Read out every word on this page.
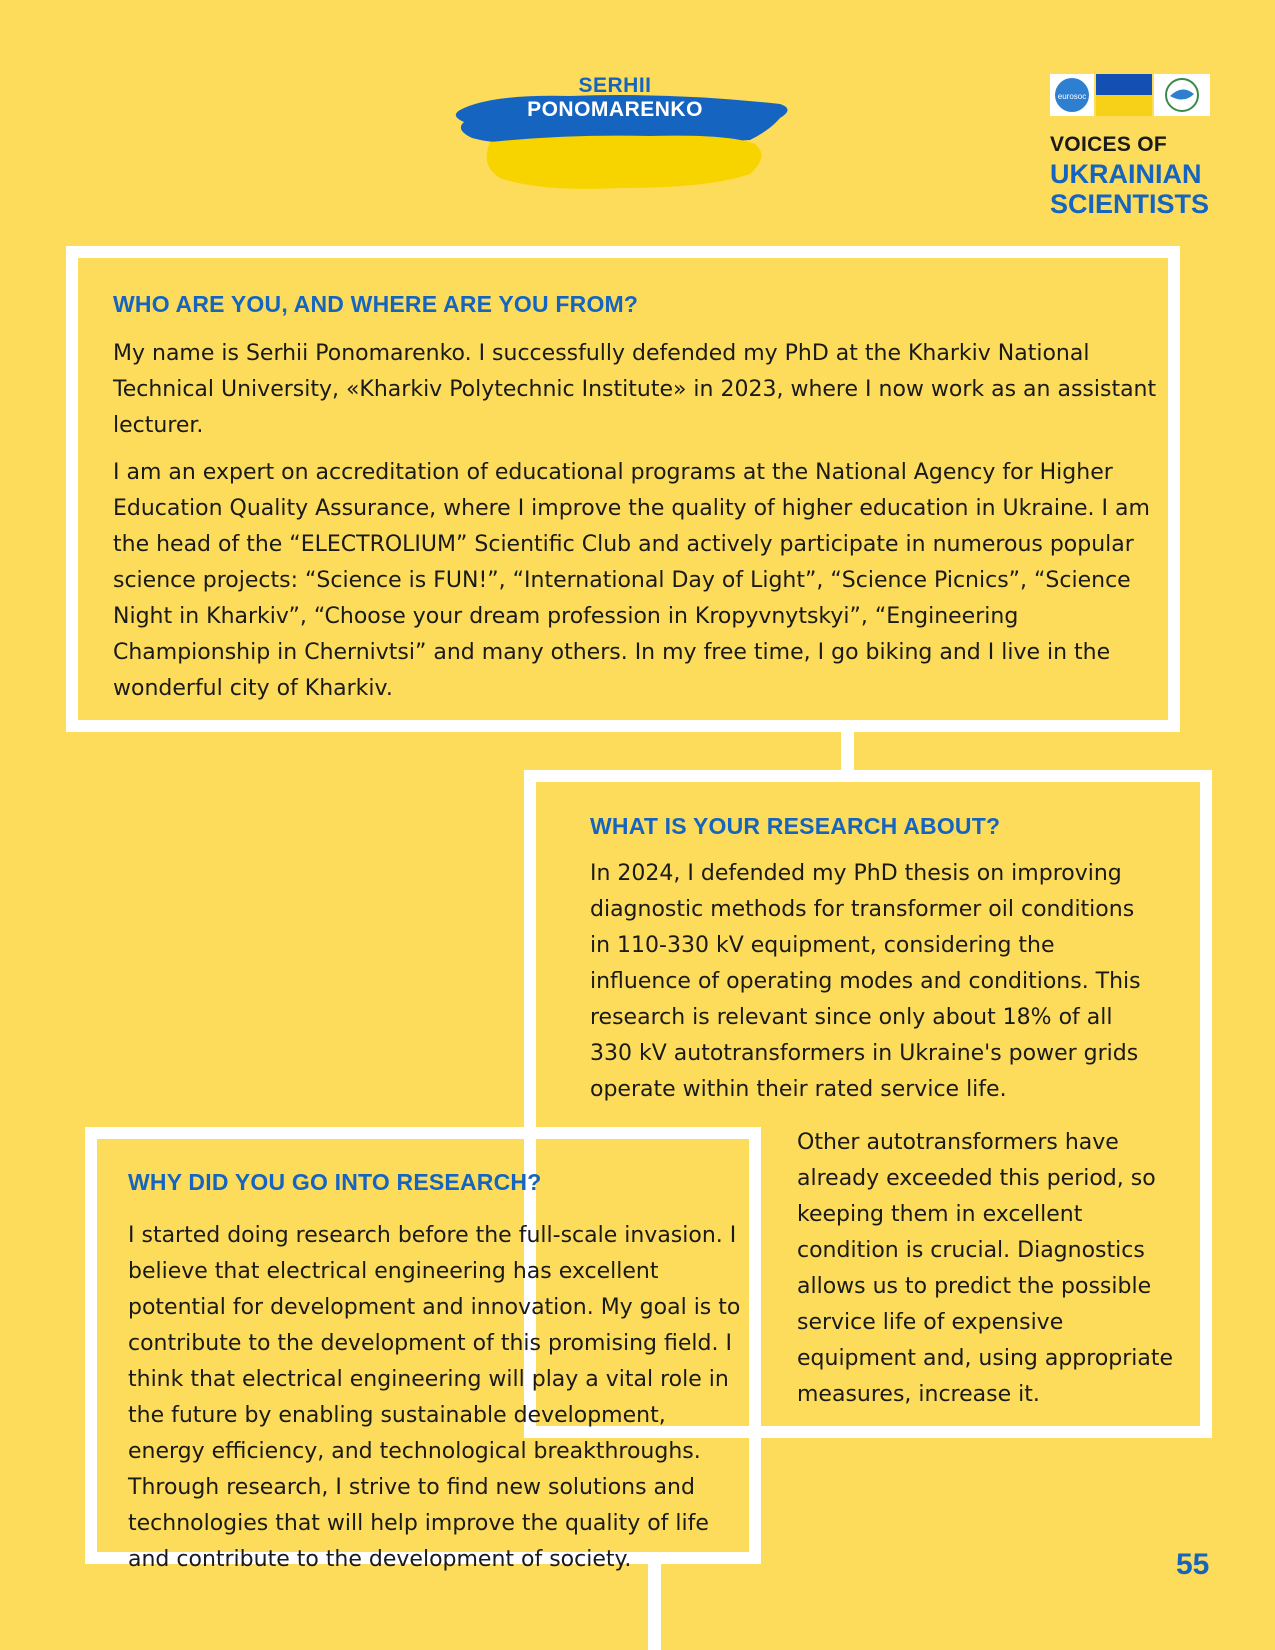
SERHII
PONOMARENKO
eurosoc
VOICES OF
UKRAINIAN
SCIENTISTS
WHO ARE YOU, AND WHERE ARE YOU FROM?

My name is Serhii Ponomarenko. I successfully defended my PhD at the Kharkiv National Technical University, «Kharkiv Polytechnic Institute» in 2023, where I now work as an assistant lecturer.

I am an expert on accreditation of educational programs at the National Agency for Higher Education Quality Assurance, where I improve the quality of higher education in Ukraine. I am the head of the “ELECTROLIUM” Scientific Club and actively participate in numerous popular science projects: “Science is FUN!”, “International Day of Light”, “Science Picnics”, “Science Night in Kharkiv”, “Choose your dream profession in Kropyvnytskyi”, “Engineering Championship in Chernivtsi” and many others. In my free time, I go biking and I live in the wonderful city of Kharkiv.

WHAT IS YOUR RESEARCH ABOUT?

In 2024, I defended my PhD thesis on improving diagnostic methods for transformer oil conditions in 110-330 kV equipment, considering the influence of operating modes and conditions. This research is relevant since only about 18% of all 330 kV autotransformers in Ukraine's power grids operate within their rated service life.

Other autotransformers have already exceeded this period, so keeping them in excellent condition is crucial. Diagnostics allows us to predict the possible service life of expensive equipment and, using appropriate measures, increase it.

WHY DID YOU GO INTO RESEARCH?

I started doing research before the full-scale invasion. I believe that electrical engineering has excellent potential for development and innovation. My goal is to contribute to the development of this promising field. I think that electrical engineering will play a vital role in the future by enabling sustainable development, energy efficiency, and technological breakthroughs. Through research, I strive to find new solutions and technologies that will help improve the quality of life and contribute to the development of society.	55
